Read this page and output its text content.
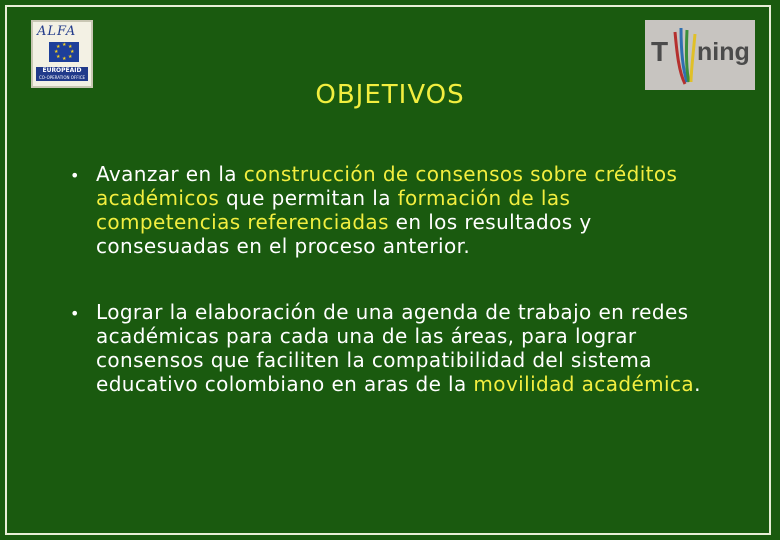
ALFA
★ ★
★
★
★
★
★
★
EUROPEAID
CO-OPERATION OFFICE
T ning
OBJETIVOS
• Avanzar en la construcción de consensos sobre créditos académicos que permitan la formación de las competencias referenciadas en los resultados y consesuadas en el proceso anterior.
• Lograr la elaboración de una agenda de trabajo en redes académicas para cada una de las áreas, para lograr consensos que faciliten la compatibilidad del sistema educativo colombiano en aras de la movilidad académica.
